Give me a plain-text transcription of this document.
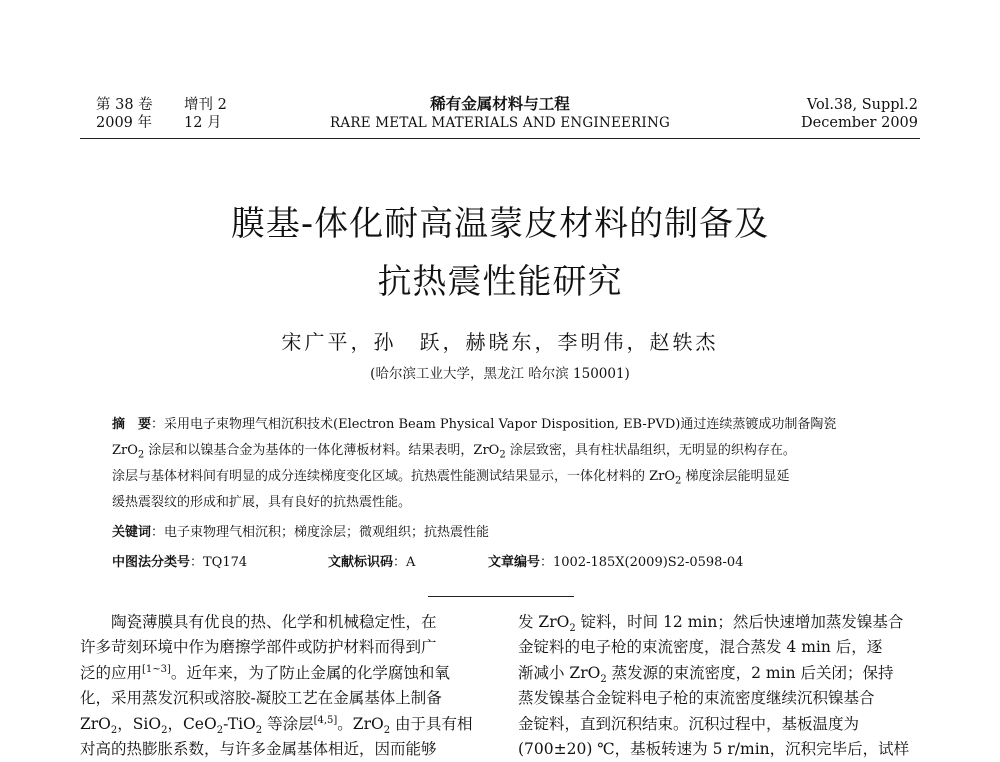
第 38 卷 增刊 2
2009 年 12 月
稀有金属材料与工程
RARE METAL MATERIALS AND ENGINEERING
Vol.38, Suppl.2
December 2009
膜基-体化耐高温蒙皮材料的制备及
抗热震性能研究
宋广平，孙　跃，赫晓东，李明伟，赵轶杰
(哈尔滨工业大学，黑龙江 哈尔滨 150001)
摘　要：采用电子束物理气相沉积技术(Electron Beam Physical Vapor Disposition, EB-PVD)通过连续蒸镀成功制备陶瓷
ZrO$_2$ 涂层和以镍基合金为基体的一体化薄板材料。结果表明，ZrO$_2$ 涂层致密，具有柱状晶组织，无明显的织构存在。
涂层与基体材料间有明显的成分连续梯度变化区域。抗热震性能测试结果显示，一体化材料的 ZrO$_2$ 梯度涂层能明显延
缓热震裂纹的形成和扩展，具有良好的抗热震性能。
关键词：电子束物理气相沉积；梯度涂层；微观组织；抗热震性能
中图法分类号：TQ174	文献标识码：A	文章编号：1002-185X(2009)S2-0598-04
　　陶瓷薄膜具有优良的热、化学和机械稳定性，在
许多苛刻环境中作为磨擦学部件或防护材料而得到广
泛的应用[1~3]。近年来，为了防止金属的化学腐蚀和氧
化，采用蒸发沉积或溶胶-凝胶工艺在金属基体上制备
ZrO$_2$，SiO$_2$，CeO$_2$-TiO$_2$ 等涂层[4,5]。ZrO$_2$ 由于具有相
对高的热膨胀系数，与许多金属基体相近，因而能够
发 ZrO$_2$ 锭料，时间 12 min；然后快速增加蒸发镍基合
金锭料的电子枪的束流密度，混合蒸发 4 min 后，逐
渐减小 ZrO$_2$ 蒸发源的束流密度，2 min 后关闭；保持
蒸发镍基合金锭料电子枪的束流密度继续沉积镍基合
金锭料，直到沉积结束。沉积过程中，基板温度为
(700±20) ℃，基板转速为 5 r/min，沉积完毕后，试样
